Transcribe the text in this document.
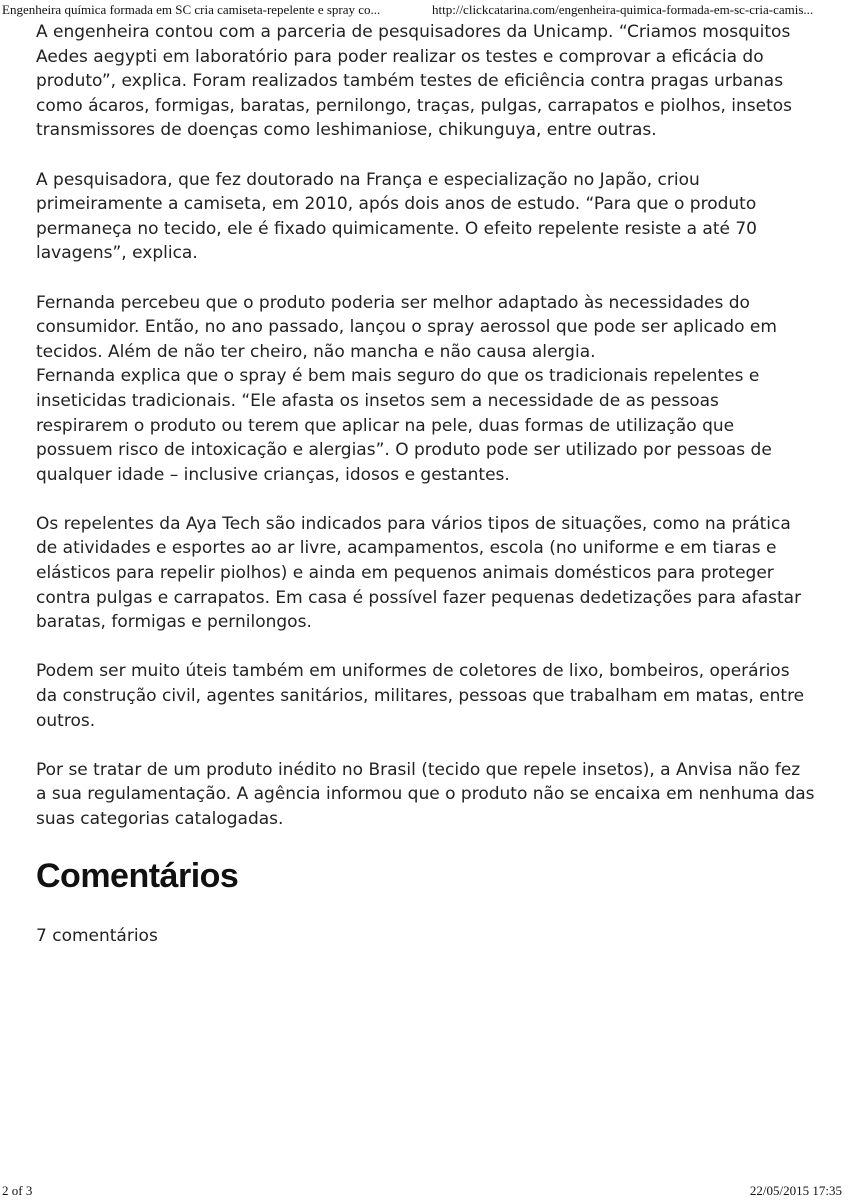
Engenheira química formada em SC cria camiseta-repelente e spray co...	http://clickcatarina.com/engenheira-quimica-formada-em-sc-cria-camis...

A engenheira contou com a parceria de pesquisadores da Unicamp. “Criamos mosquitos Aedes aegypti em laboratório para poder realizar os testes e comprovar a eficácia do produto”, explica. Foram realizados também testes de eficiência contra pragas urbanas como ácaros, formigas, baratas, pernilongo, traças, pulgas, carrapatos e piolhos, insetos transmissores de doenças como leshimaniose, chikunguya, entre outras.

A pesquisadora, que fez doutorado na França e especialização no Japão, criou primeiramente a camiseta, em 2010, após dois anos de estudo. “Para que o produto permaneça no tecido, ele é fixado quimicamente. O efeito repelente resiste a até 70 lavagens”, explica.

Fernanda percebeu que o produto poderia ser melhor adaptado às necessidades do consumidor. Então, no ano passado, lançou o spray aerossol que pode ser aplicado em tecidos. Além de não ter cheiro, não mancha e não causa alergia.

Fernanda explica que o spray é bem mais seguro do que os tradicionais repelentes e inseticidas tradicionais. “Ele afasta os insetos sem a necessidade de as pessoas respirarem o produto ou terem que aplicar na pele, duas formas de utilização que possuem risco de intoxicação e alergias”. O produto pode ser utilizado por pessoas de qualquer idade – inclusive crianças, idosos e gestantes.

Os repelentes da Aya Tech são indicados para vários tipos de situações, como na prática de atividades e esportes ao ar livre, acampamentos, escola (no uniforme e em tiaras e elásticos para repelir piolhos) e ainda em pequenos animais domésticos para proteger contra pulgas e carrapatos. Em casa é possível fazer pequenas dedetizações para afastar baratas, formigas e pernilongos.

Podem ser muito úteis também em uniformes de coletores de lixo, bombeiros, operários da construção civil, agentes sanitários, militares, pessoas que trabalham em matas, entre outros.

Por se tratar de um produto inédito no Brasil (tecido que repele insetos), a Anvisa não fez a sua regulamentação. A agência informou que o produto não se encaixa em nenhuma das suas categorias catalogadas.

Comentários
7 comentários
2 of 3	22/05/2015 17:35
